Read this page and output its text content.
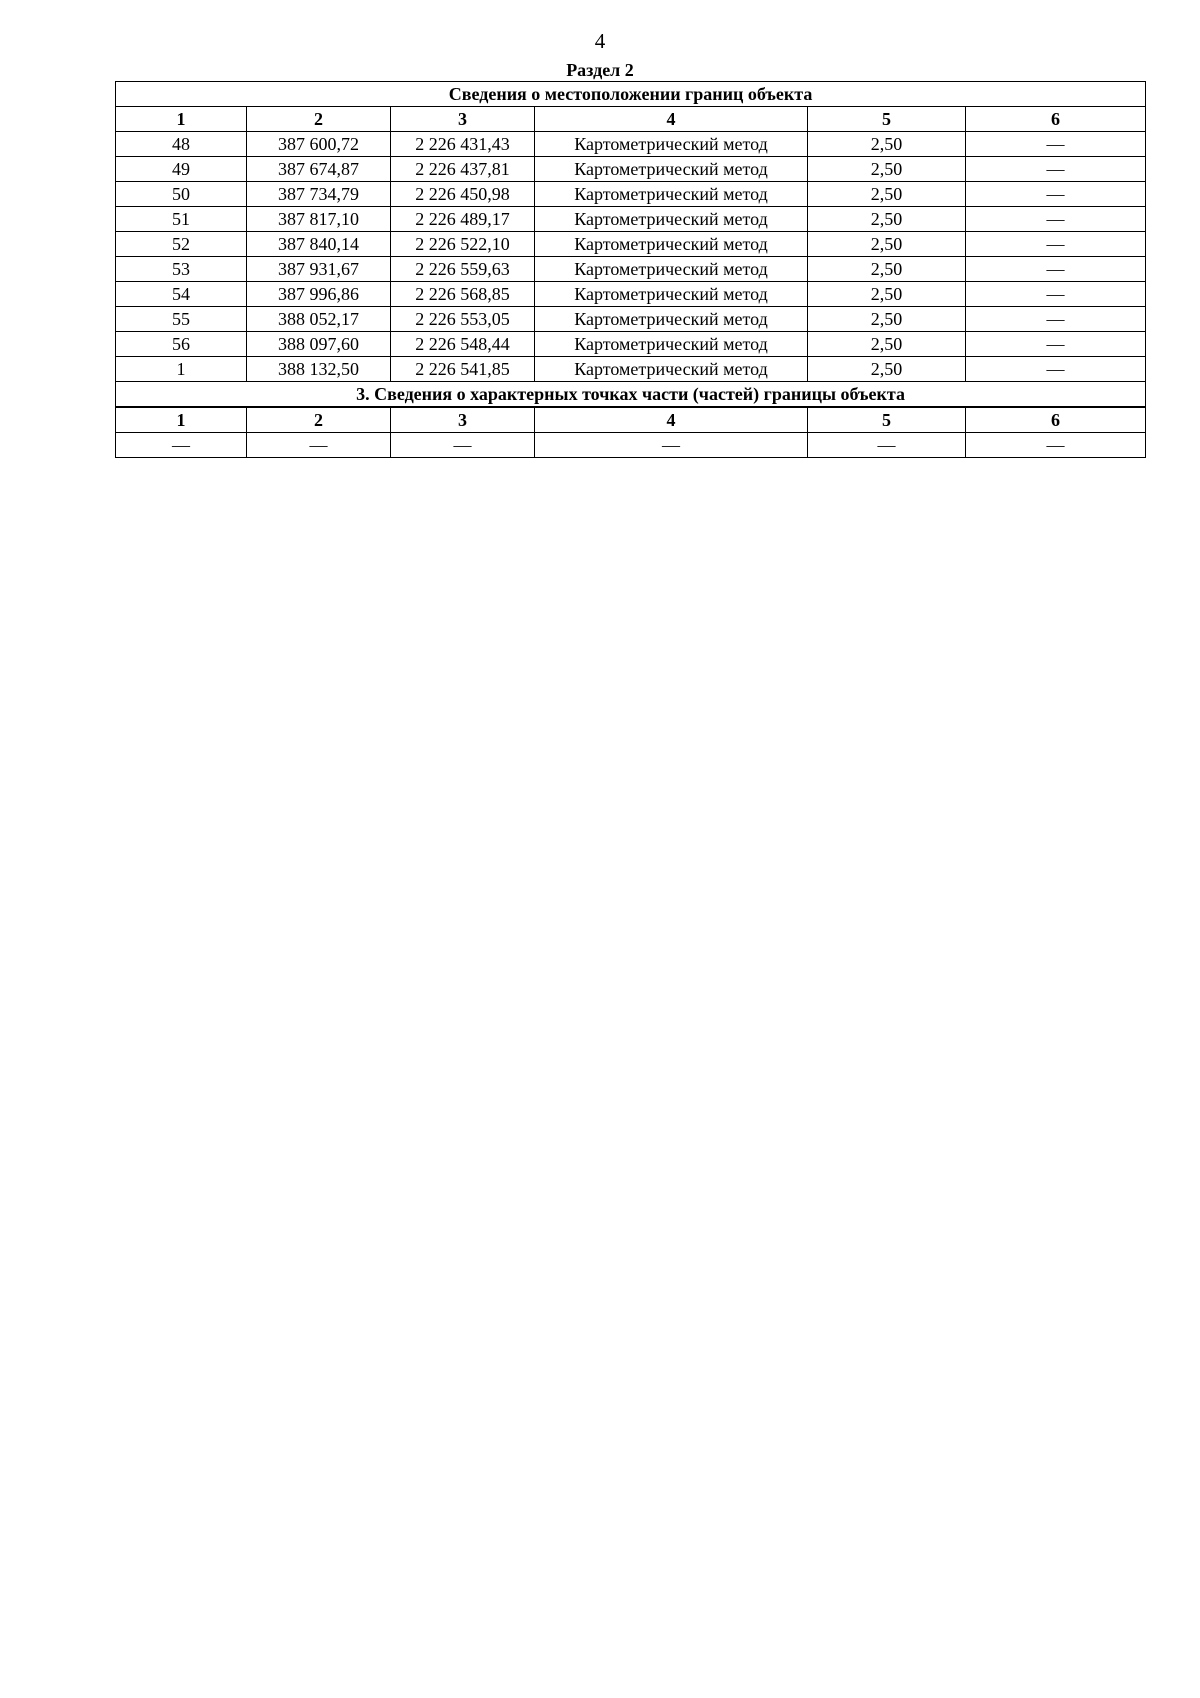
4
Раздел 2
Сведения о местоположении границ объекта					
1	2	3	4	5	6
48	387 600,72	2 226 431,43	Картометрический метод	2,50	—
49	387 674,87	2 226 437,81	Картометрический метод	2,50	—
50	387 734,79	2 226 450,98	Картометрический метод	2,50	—
51	387 817,10	2 226 489,17	Картометрический метод	2,50	—
52	387 840,14	2 226 522,10	Картометрический метод	2,50	—
53	387 931,67	2 226 559,63	Картометрический метод	2,50	—
54	387 996,86	2 226 568,85	Картометрический метод	2,50	—
55	388 052,17	2 226 553,05	Картометрический метод	2,50	—
56	388 097,60	2 226 548,44	Картометрический метод	2,50	—
1	388 132,50	2 226 541,85	Картометрический метод	2,50	—
3. Сведения о характерных точках части (частей) границы объекта					
1	2	3	4	5	6
—	—	—	—	—	—
